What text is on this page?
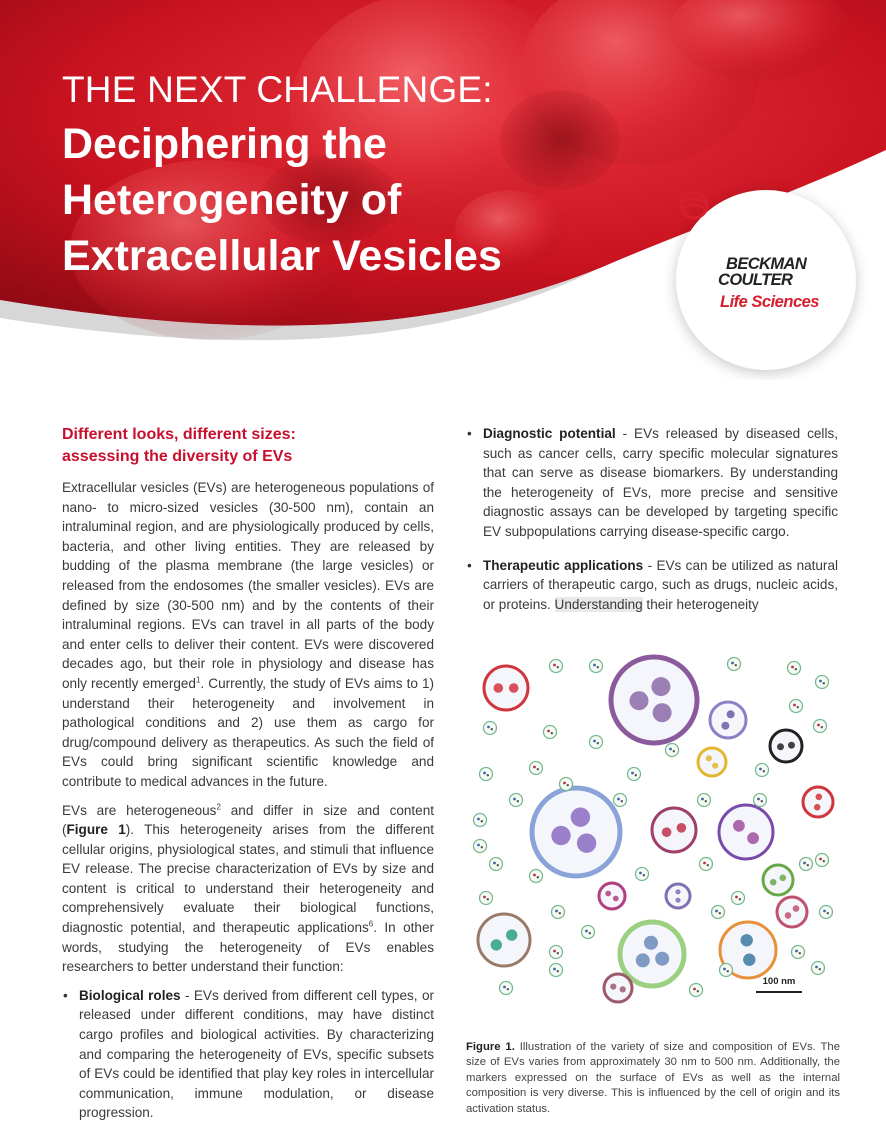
THE NEXT CHALLENGE:
Deciphering the Heterogeneity of Extracellular Vesicles	BECKMAN
COULTER
Life Sciences
Different looks, different sizes:
assessing the diversity of EVs

Extracellular vesicles (EVs) are heterogeneous populations of nano- to micro-sized vesicles (30-500 nm), contain an intraluminal region, and are physiologically produced by cells, bacteria, and other living entities. They are released by budding of the plasma membrane (the large vesicles) or released from the endosomes (the smaller vesicles). EVs are defined by size (30-500 nm) and by the contents of their intraluminal regions. EVs can travel in all parts of the body and enter cells to deliver their content. EVs were discovered decades ago, but their role in physiology and disease has only recently emerged$^1$. Currently, the study of EVs aims to 1) understand their heterogeneity and involvement in pathological conditions and 2) use them as cargo for drug/compound delivery as therapeutics. As such the field of EVs could bring significant scientific knowledge and contribute to medical advances in the future.

EVs are heterogeneous$^2$ and differ in size and content (Figure 1). This heterogeneity arises from the different cellular origins, physiological states, and stimuli that influence EV release. The precise characterization of EVs by size and content is critical to understand their heterogeneity and comprehensively evaluate their biological functions, diagnostic potential, and therapeutic applications$^6$. In other words, studying the heterogeneity of EVs enables researchers to better understand their function:

• Biological roles - EVs derived from different cell types, or released under different conditions, may have distinct cargo profiles and biological activities. By characterizing and comparing the heterogeneity of EVs, specific subsets of EVs could be identified that play key roles in intercellular communication, immune modulation, or disease progression.
• Diagnostic potential - EVs released by diseased cells, such as cancer cells, carry specific molecular signatures that can serve as disease biomarkers. By understanding the heterogeneity of EVs, more precise and sensitive diagnostic assays can be developed by targeting specific EV subpopulations carrying disease-specific cargo.
• Therapeutic applications - EVs can be utilized as natural carriers of therapeutic cargo, such as drugs, nucleic acids, or proteins. Understanding their heterogeneity
100 nm
Figure 1. Illustration of the variety of size and composition of EVs. The size of EVs varies from approximately 30 nm to 500 nm. Additionally, the markers expressed on the surface of EVs as well as the internal composition is very diverse. This is influenced by the cell of origin and its activation status.
